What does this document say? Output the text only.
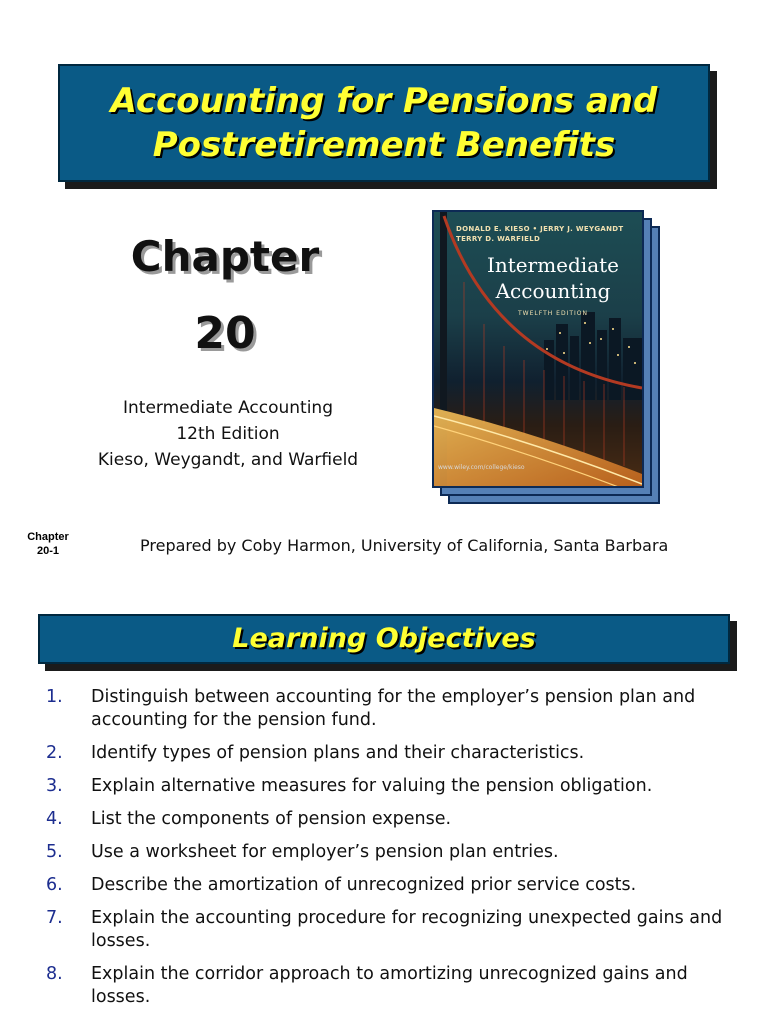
Accounting for Pensions and
Postretirement Benefits
Chapter
20
Intermediate Accounting
12th Edition
Kieso, Weygandt, and Warfield
DONALD E. KIESO • JERRY J. WEYGANDT
TERRY D. WARFIELD
Intermediate
Accounting
TWELFTH EDITION
www.wiley.com/college/kieso
Chapter
20-1	Prepared by Coby Harmon, University of California, Santa Barbara
Learning Objectives
1. Distinguish between accounting for the employer’s pension plan and accounting for the pension fund.
2. Identify types of pension plans and their characteristics.
3. Explain alternative measures for valuing the pension obligation.
4. List the components of pension expense.
5. Use a worksheet for employer’s pension plan entries.
6. Describe the amortization of unrecognized prior service costs.
7. Explain the accounting procedure for recognizing unexpected gains and losses.
8. Explain the corridor approach to amortizing unrecognized gains and losses.
